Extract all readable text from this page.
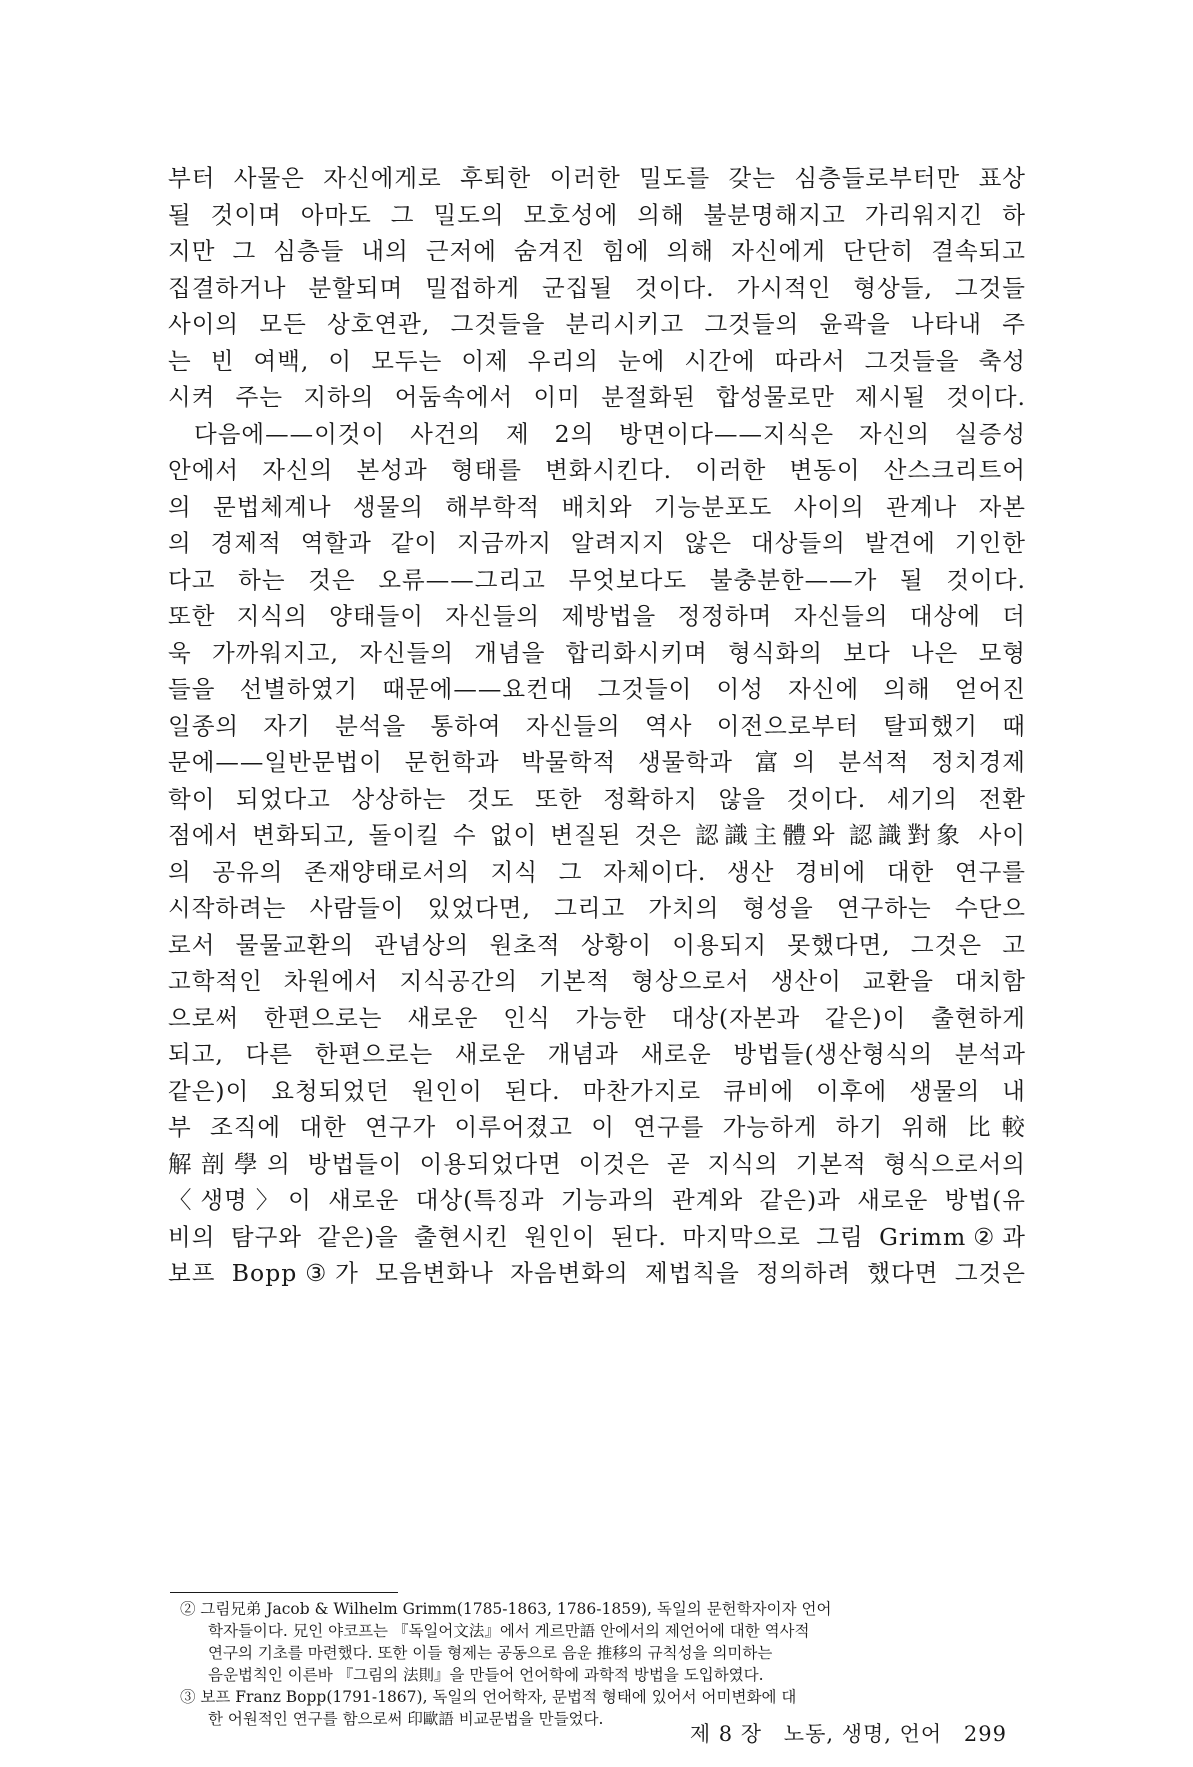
부터 사물은 자신에게로 후퇴한 이러한 밀도를 갖는 심층들로부터만 표상
될 것이며 아마도 그 밀도의 모호성에 의해 불분명해지고 가리워지긴 하
지만 그 심층들 내의 근저에 숨겨진 힘에 의해 자신에게 단단히 결속되고
집결하거나 분할되며 밀접하게 군집될 것이다. 가시적인 형상들, 그것들
사이의 모든 상호연관, 그것들을 분리시키고 그것들의 윤곽을 나타내 주
는 빈 여백, 이 모두는 이제 우리의 눈에 시간에 따라서 그것들을 축성
시켜 주는 지하의 어둠속에서 이미 분절화된 합성물로만 제시될 것이다.
다음에——이것이 사건의 제 2의 방면이다——지식은 자신의 실증성
안에서 자신의 본성과 형태를 변화시킨다. 이러한 변동이 산스크리트어
의 문법체계나 생물의 해부학적 배치와 기능분포도 사이의 관계나 자본
의 경제적 역할과 같이 지금까지 알려지지 않은 대상들의 발견에 기인한
다고 하는 것은 오류——그리고 무엇보다도 불충분한——가 될 것이다.
또한 지식의 양태들이 자신들의 제방법을 정정하며 자신들의 대상에 더
욱 가까워지고, 자신들의 개념을 합리화시키며 형식화의 보다 나은 모형
들을 선별하였기 때문에——요컨대 그것들이 이성 자신에 의해 얻어진
일종의 자기 분석을 통하여 자신들의 역사 이전으로부터 탈피했기 때
문에——일반문법이 문헌학과 박물학적 생물학과 富의 분석적 정치경제
학이 되었다고 상상하는 것도 또한 정확하지 않을 것이다. 세기의 전환
점에서 변화되고, 돌이킬 수 없이 변질된 것은 認識主體와 認識對象 사이
의 공유의 존재양태로서의 지식 그 자체이다. 생산 경비에 대한 연구를
시작하려는 사람들이 있었다면, 그리고 가치의 형성을 연구하는 수단으
로서 물물교환의 관념상의 원초적 상황이 이용되지 못했다면, 그것은 고
고학적인 차원에서 지식공간의 기본적 형상으로서 생산이 교환을 대치함
으로써 한편으로는 새로운 인식 가능한 대상(자본과 같은)이 출현하게
되고, 다른 한편으로는 새로운 개념과 새로운 방법들(생산형식의 분석과
같은)이 요청되었던 원인이 된다. 마찬가지로 큐비에 이후에 생물의 내
부 조직에 대한 연구가 이루어졌고 이 연구를 가능하게 하기 위해 比較
解剖學의 방법들이 이용되었다면 이것은 곧 지식의 기본적 형식으로서의
〈생명〉이 새로운 대상(특징과 기능과의 관계와 같은)과 새로운 방법(유
비의 탐구와 같은)을 출현시킨 원인이 된다. 마지막으로 그림 Grimm②과
보프 Bopp③가 모음변화나 자음변화의 제법칙을 정의하려 했다면 그것은
② 그림兄弟 Jacob & Wilhelm Grimm(1785-1863, 1786-1859), 독일의 문헌학자이자 언어
학자들이다. 兄인 야코프는 『독일어文法』에서 게르만語 안에서의 제언어에 대한 역사적
연구의 기초를 마련했다. 또한 이들 형제는 공동으로 음운 推移의 규칙성을 의미하는
음운법칙인 이른바 『그림의 法則』을 만들어 언어학에 과학적 방법을 도입하였다.
③ 보프 Franz Bopp(1791-1867), 독일의 언어학자, 문법적 형태에 있어서 어미변화에 대
한 어원적인 연구를 함으로써 印歐語 비교문법을 만들었다.
제 8 장 노동, 생명, 언어 299
